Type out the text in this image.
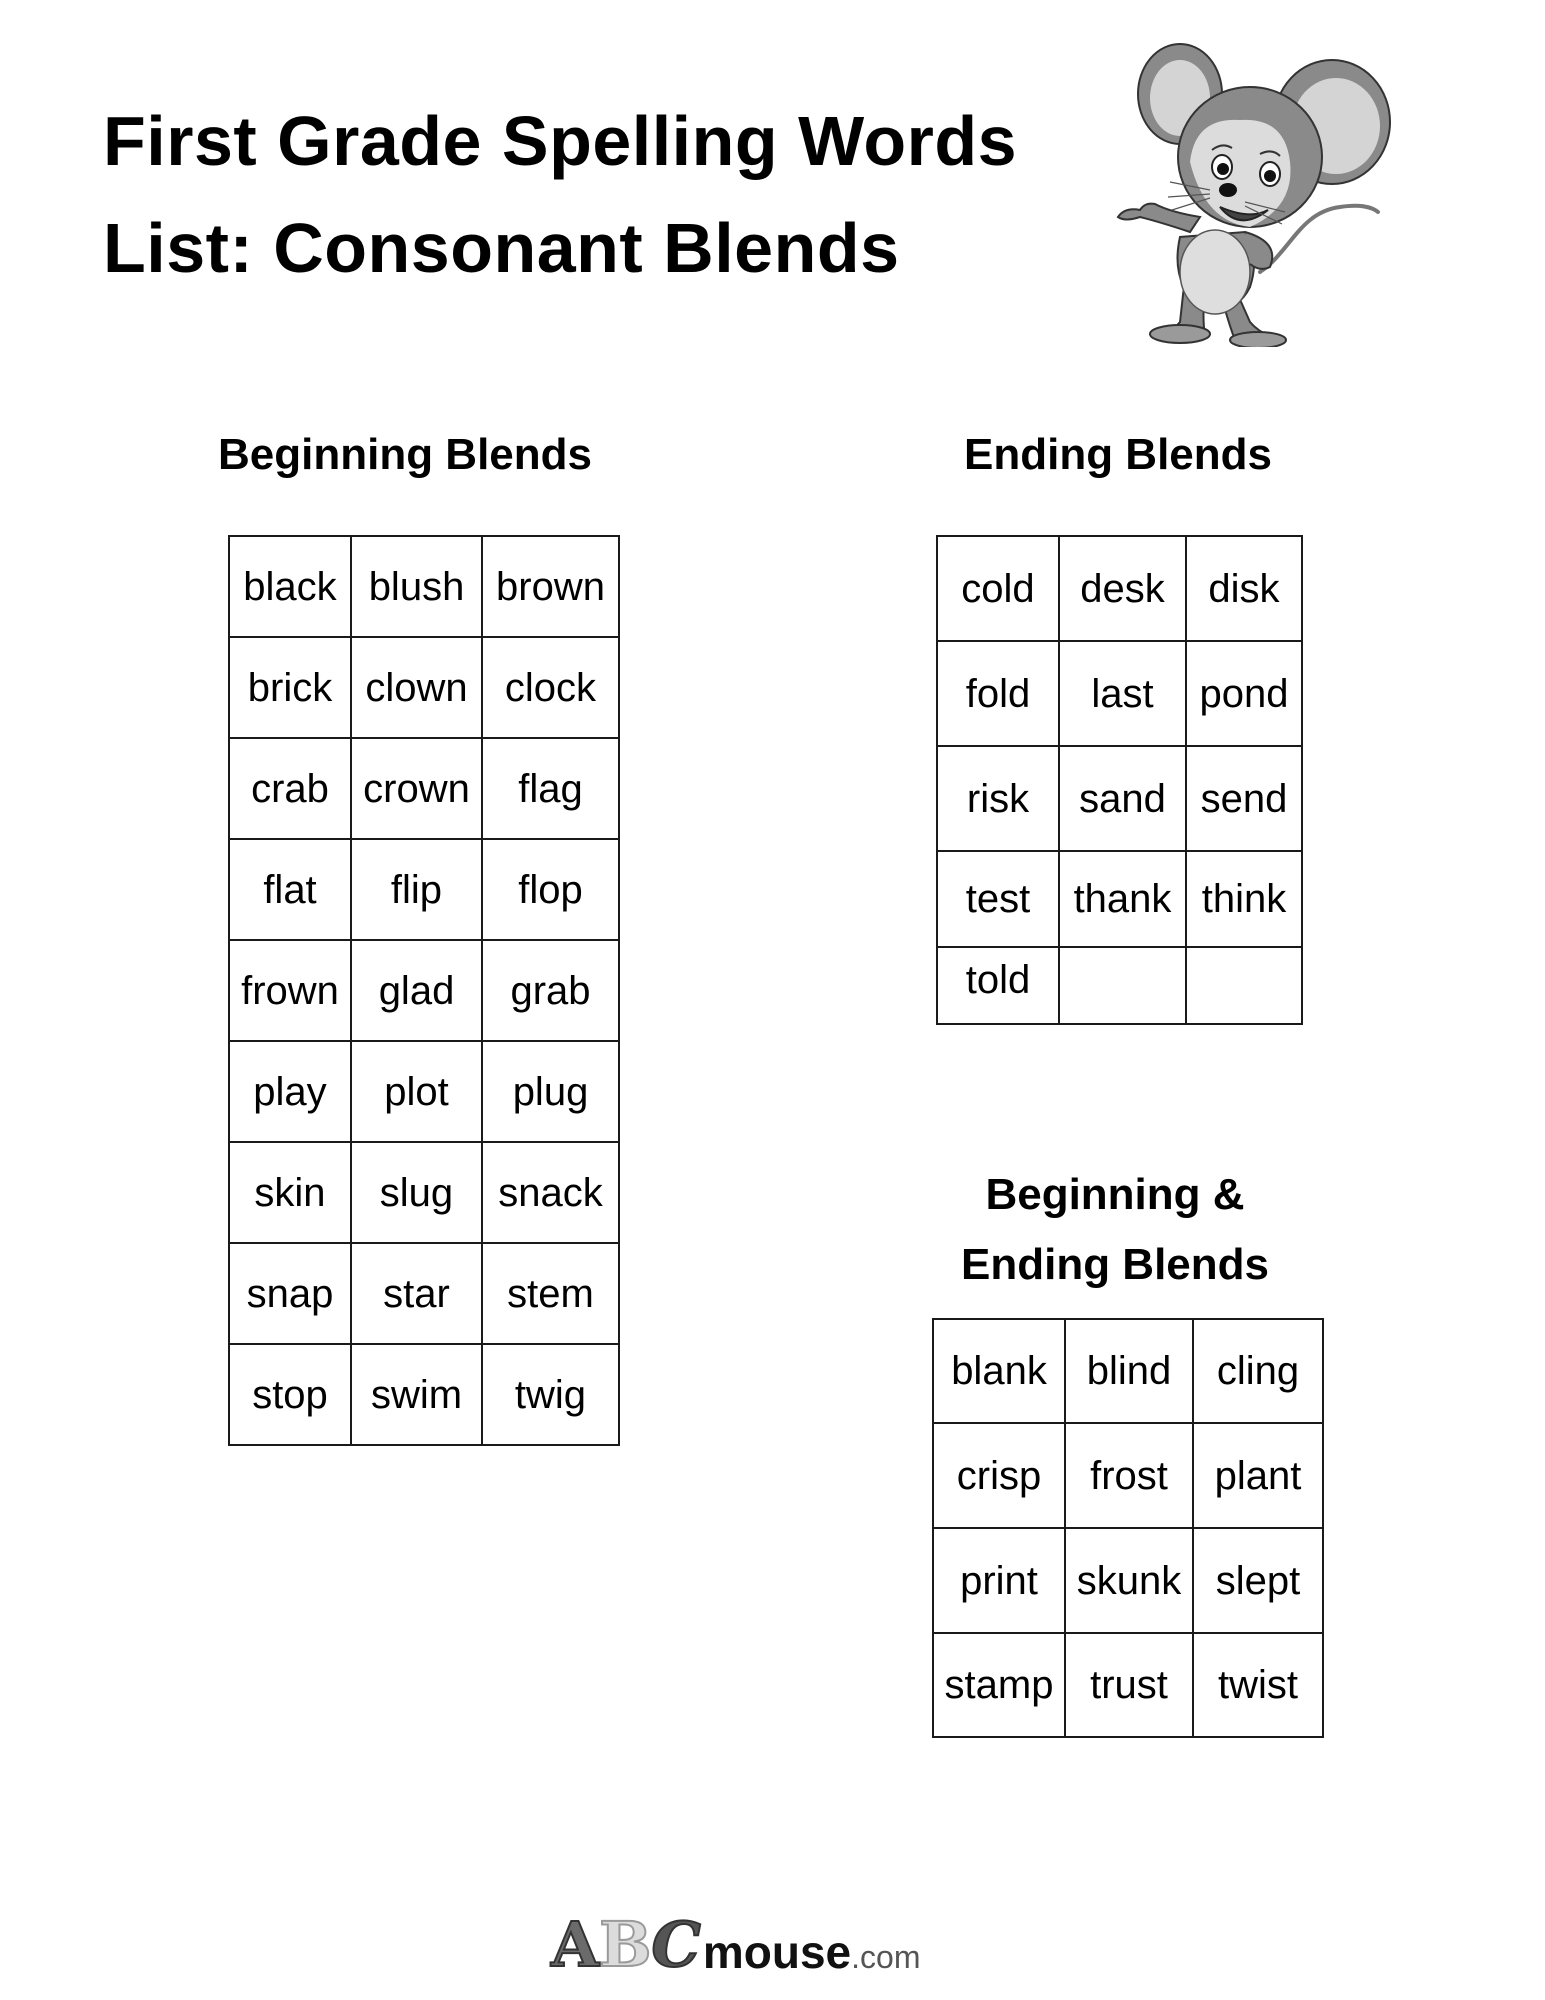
First Grade Spelling Words
List: Consonant Blends
Beginning Blends
black	blush	brown
brick	clown	clock
crab	crown	flag
flat	flip	flop
frown	glad	grab
play	plot	plug
skin	slug	snack
snap	star	stem
stop	swim	twig
Ending Blends
cold	desk	disk
fold	last	pond
risk	sand	send
test	thank	think
told		
Beginning &
Ending Blends
blank	blind	cling
crisp	frost	plant
print	skunk	slept
stamp	trust	twist
A B C mouse .com
